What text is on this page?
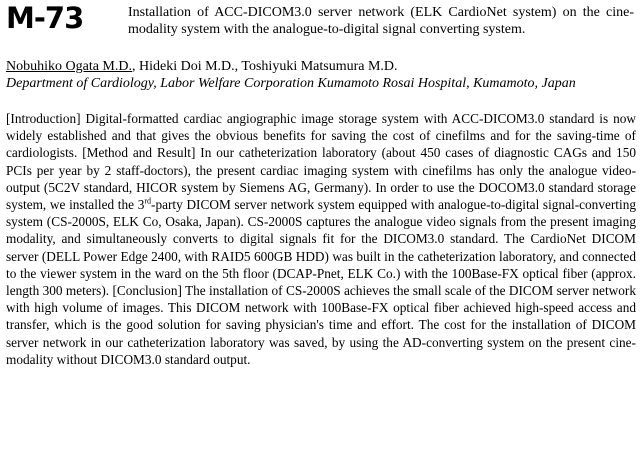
M-73	Installation of ACC-DICOM3.0 server network (ELK CardioNet system) on the cine-modality system with the analogue-to-digital signal converting system.
Nobuhiko Ogata M.D., Hideki Doi M.D., Toshiyuki Matsumura M.D.
Department of Cardiology, Labor Welfare Corporation Kumamoto Rosai Hospital, Kumamoto, Japan

[Introduction] Digital-formatted cardiac angiographic image storage system with ACC-DICOM3.0 standard is now widely established and that gives the obvious benefits for saving the cost of cinefilms and for the saving-time of cardiologists. [Method and Result] In our catheterization laboratory (about 450 cases of diagnostic CAGs and 150 PCIs per year by 2 staff-doctors), the present cardiac imaging system with cinefilms has only the analogue video-output (5C2V standard, HICOR system by Siemens AG, Germany). In order to use the DOCOM3.0 standard storage system, we installed the 3rd-party DICOM server network system equipped with analogue-to-digital signal-converting system (CS-2000S, ELK Co, Osaka, Japan). CS-2000S captures the analogue video signals from the present imaging modality, and simultaneously converts to digital signals fit for the DICOM3.0 standard. The CardioNet DICOM server (DELL Power Edge 2400, with RAID5 600GB HDD) was built in the catheterization laboratory, and connected to the viewer system in the ward on the 5th floor (DCAP-Pnet, ELK Co.) with the 100Base-FX optical fiber (approx. length 300 meters). [Conclusion] The installation of CS-2000S achieves the small scale of the DICOM server network with high volume of images. This DICOM network with 100Base-FX optical fiber achieved high-speed access and transfer, which is the good solution for saving physician's time and effort. The cost for the installation of DICOM server network in our catheterization laboratory was saved, by using the AD-converting system on the present cine-modality without DICOM3.0 standard output.
